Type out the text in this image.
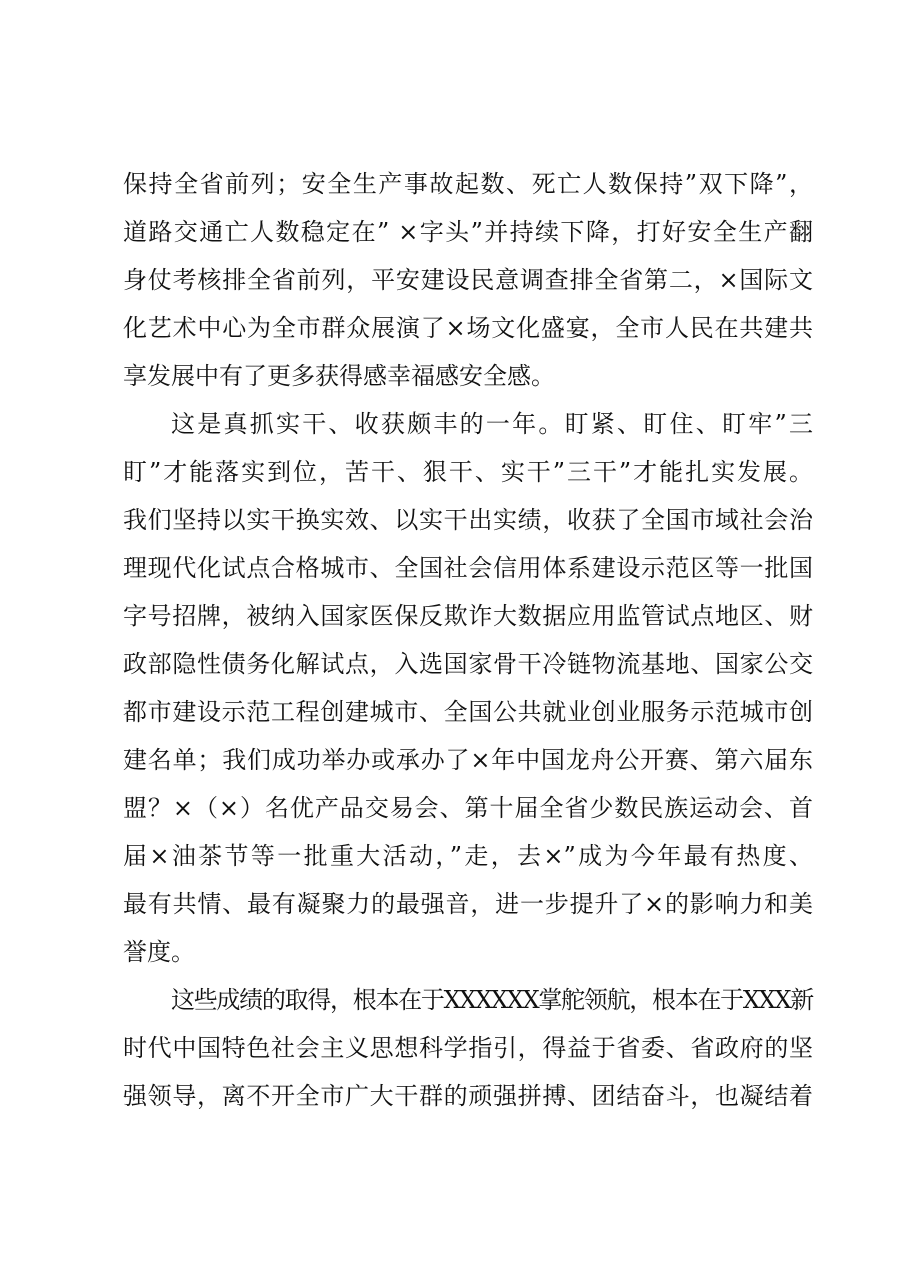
保持全省前列；安全生产事故起数、死亡人数保持”双下降”，
道路交通亡人数稳定在” ×字头”并持续下降，打好安全生产翻
身仗考核排全省前列，平安建设民意调查排全省第二，×国际文
化艺术中心为全市群众展演了×场文化盛宴，全市人民在共建共
享发展中有了更多获得感幸福感安全感。
这是真抓实干、收获颇丰的一年。盯紧、盯住、盯牢”三
盯”才能落实到位，苦干、狠干、实干”三干”才能扎实发展。
我们坚持以实干换实效、以实干出实绩，收获了全国市域社会治
理现代化试点合格城市、全国社会信用体系建设示范区等一批国
字号招牌，被纳入国家医保反欺诈大数据应用监管试点地区、财
政部隐性债务化解试点，入选国家骨干冷链物流基地、国家公交
都市建设示范工程创建城市、全国公共就业创业服务示范城市创
建名单；我们成功举办或承办了×年中国龙舟公开赛、第六届东
盟？×（×）名优产品交易会、第十届全省少数民族运动会、首
届×油茶节等一批重大活动，”走，去×”成为今年最有热度、
最有共情、最有凝聚力的最强音，进一步提升了×的影响力和美
誉度。
这些成绩的取得，根本在于XXXXXX掌舵领航，根本在于XXX新
时代中国特色社会主义思想科学指引，得益于省委、省政府的坚
强领导，离不开全市广大干群的顽强拼搏、团结奋斗，也凝结着
